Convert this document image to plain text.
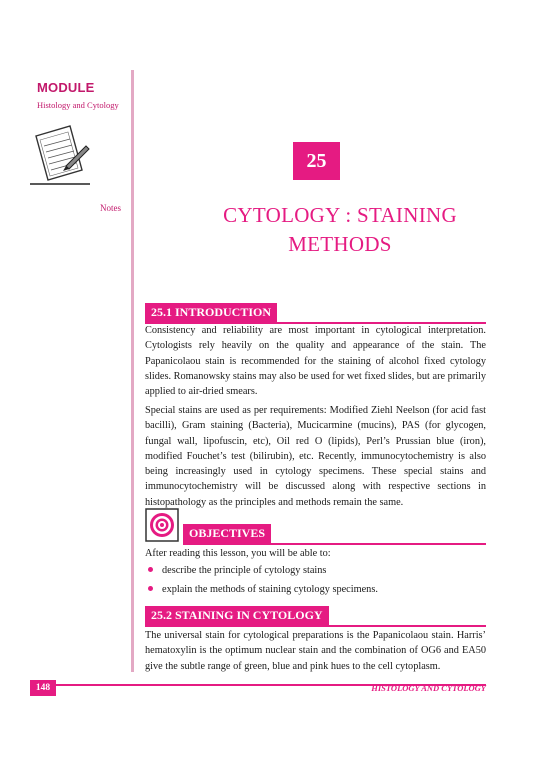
MODULE
Histology and Cytology
Notes
25
CYTOLOGY : STAINING
METHODS
25.1 INTRODUCTION
Consistency and reliability are most important in cytological interpretation. Cytologists rely heavily on the quality and appearance of the stain. The Papanicolaou stain is recommended for the staining of alcohol fixed cytology slides. Romanowsky stains may also be used for wet fixed slides, but are primarily applied to air-dried smears.
Special stains are used as per requirements: Modified Ziehl Neelson (for acid fast bacilli), Gram staining (Bacteria), Mucicarmine (mucins), PAS (for glycogen, fungal wall, lipofuscin, etc), Oil red O (lipids), Perl’s Prussian blue (iron), modified Fouchet’s test (bilirubin), etc. Recently, immunocytochemistry is also being increasingly used in cytology specimens. These special stains and immunocytochemistry will be discussed along with respective sections in histopathology as the principles and methods remain the same.
OBJECTIVES
After reading this lesson, you will be able to:
describe the principle of cytology stains
explain the methods of staining cytology specimens.
25.2 STAINING IN CYTOLOGY
The universal stain for cytological preparations is the Papanicolaou stain. Harris’ hematoxylin is the optimum nuclear stain and the combination of OG6 and EA50 give the subtle range of green, blue and pink hues to the cell cytoplasm.
148	HISTOLOGY AND CYTOLOGY
